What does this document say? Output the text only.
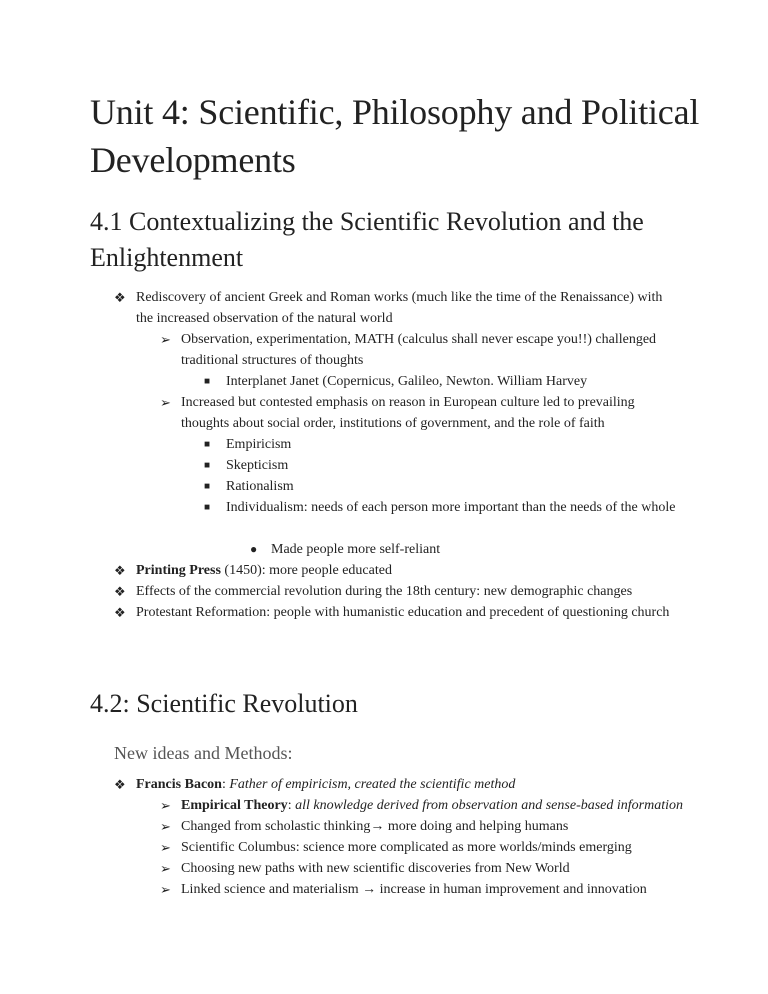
Unit 4: Scientific, Philosophy and Political Developments
4.1 Contextualizing the Scientific Revolution and the Enlightenment
❖ Rediscovery of ancient Greek and Roman works (much like the time of the Renaissance) with the increased observation of the natural world
➢ Observation, experimentation, MATH (calculus shall never escape you!!) challenged traditional structures of thoughts
■ Interplanet Janet (Copernicus, Galileo, Newton. William Harvey
➢ Increased but contested emphasis on reason in European culture led to prevailing thoughts about social order, institutions of government, and the role of faith
■ Empiricism
■ Skepticism
■ Rationalism
■ Individualism: needs of each person more important than the needs of the whole
● Made people more self-reliant
❖ Printing Press (1450): more people educated
❖ Effects of the commercial revolution during the 18th century: new demographic changes
❖ Protestant Reformation: people with humanistic education and precedent of questioning church
4.2: Scientific Revolution
New ideas and Methods:
❖ Francis Bacon: Father of empiricism, created the scientific method
➢ Empirical Theory: all knowledge derived from observation and sense-based information
➢ Changed from scholastic thinking→ more doing and helping humans
➢ Scientific Columbus: science more complicated as more worlds/minds emerging
➢ Choosing new paths with new scientific discoveries from New World
➢ Linked science and materialism → increase in human improvement and innovation
